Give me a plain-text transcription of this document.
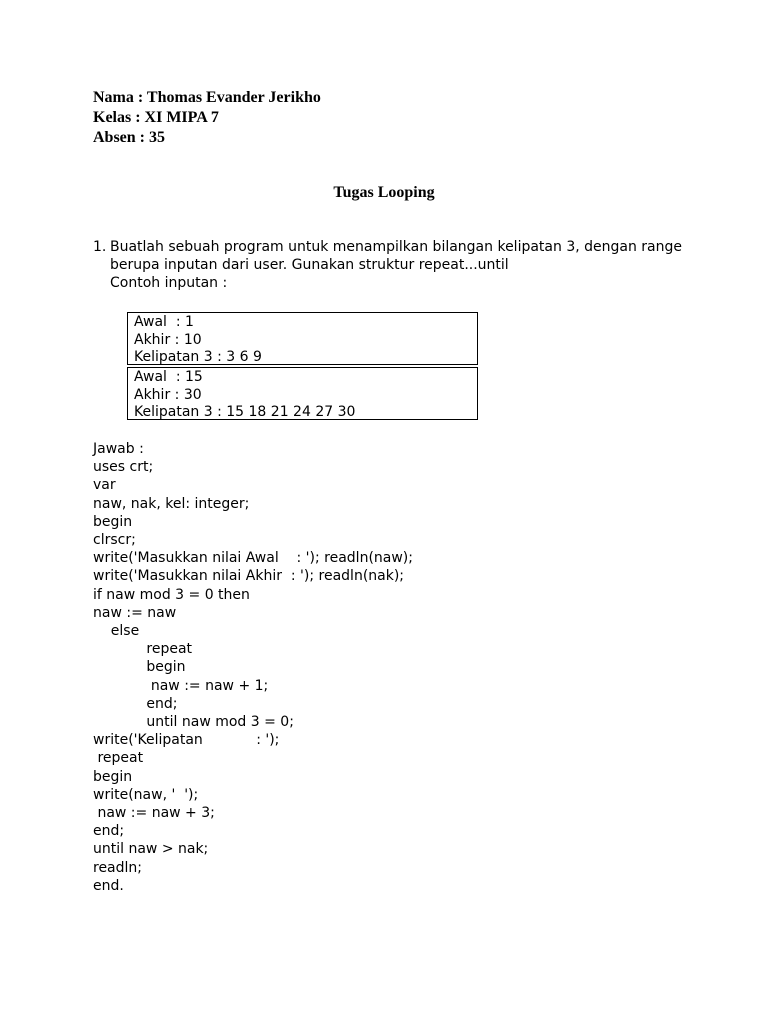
Nama : Thomas Evander Jerikho
Kelas : XI MIPA 7
Absen : 35
Tugas Looping
1. Buatlah sebuah program untuk menampilkan bilangan kelipatan 3, dengan range
berupa inputan dari user. Gunakan struktur repeat...until
Contoh inputan :
Awal  : 1
Akhir : 10
Kelipatan 3 : 3 6 9
Awal  : 15
Akhir : 30
Kelipatan 3 : 15 18 21 24 27 30
Jawab :
uses crt;
var
naw, nak, kel: integer;
begin
clrscr;
write('Masukkan nilai Awal    : '); readln(naw);
write('Masukkan nilai Akhir  : '); readln(nak);
if naw mod 3 = 0 then
naw := naw
else
repeat
begin
naw := naw + 1;
end;
until naw mod 3 = 0;
write('Kelipatan            : ');
repeat
begin
write(naw, '  ');
naw := naw + 3;
end;
until naw > nak;
readln;
end.
